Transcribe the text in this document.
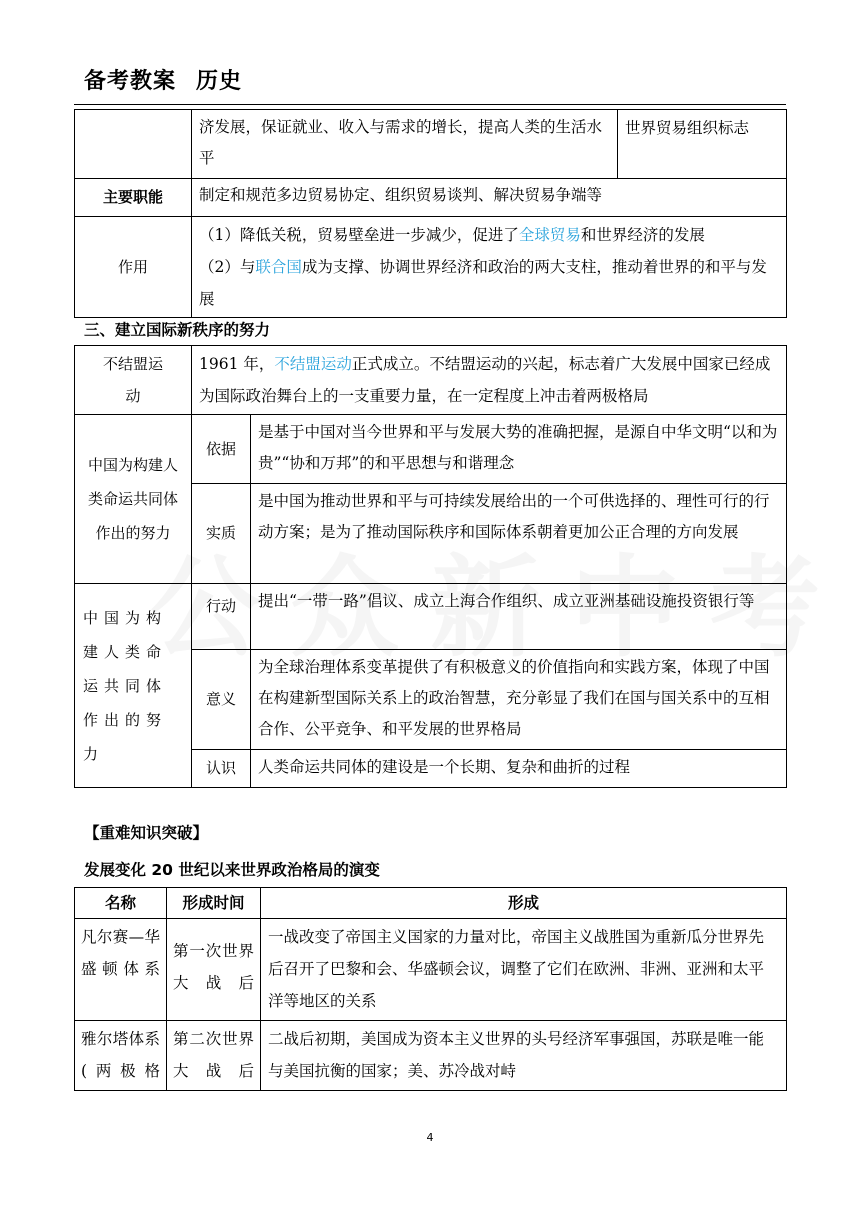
备考教案 历史
	济发展，保证就业、收入与需求的增长，提高人类的生活水平	世界贸易组织标志
主要职能	制定和规范多边贸易协定、组织贸易谈判、解决贸易争端等	
作用	（1）降低关税，贸易壁垒进一步减少，促进了全球贸易和世界经济的发展
（2）与联合国成为支撑、协调世界经济和政治的两大支柱，推动着世界的和平与发展	
三、建立国际新秩序的努力
不结盟运动	1961 年，不结盟运动正式成立。不结盟运动的兴起，标志着广大发展中国家已经成为国际政治舞台上的一支重要力量，在一定程度上冲击着两极格局	
中国为构建人类命运共同体作出的努力	依据	是基于中国对当今世界和平与发展大势的准确把握，是源自中华文明“以和为贵”“协和万邦”的和平思想与和谐理念
	实质	是中国为推动世界和平与可持续发展给出的一个可供选择的、理性可行的行动方案；是为了推动国际秩序和国际体系朝着更加公正合理的方向发展
中国为构建人类命运共同体作出的努力	行动	提出“一带一路”倡议、成立上海合作组织、成立亚洲基础设施投资银行等
	意义	为全球治理体系变革提供了有积极意义的价值指向和实践方案，体现了中国在构建新型国际关系上的政治智慧，充分彰显了我们在国与国关系中的互相合作、公平竞争、和平发展的世界格局
	认识	人类命运共同体的建设是一个长期、复杂和曲折的过程
【重难知识突破】
发展变化 20 世纪以来世界政治格局的演变
名称	形成时间	形成
凡尔赛—华盛顿体系	第一次世界大战后	一战改变了帝国主义国家的力量对比，帝国主义战胜国为重新瓜分世界先后召开了巴黎和会、华盛顿会议，调整了它们在欧洲、非洲、亚洲和太平洋等地区的关系
雅尔塔体系(两极格	第二次世界大战后	二战后初期，美国成为资本主义世界的头号经济军事强国，苏联是唯一能与美国抗衡的国家；美、苏冷战对峙
4
